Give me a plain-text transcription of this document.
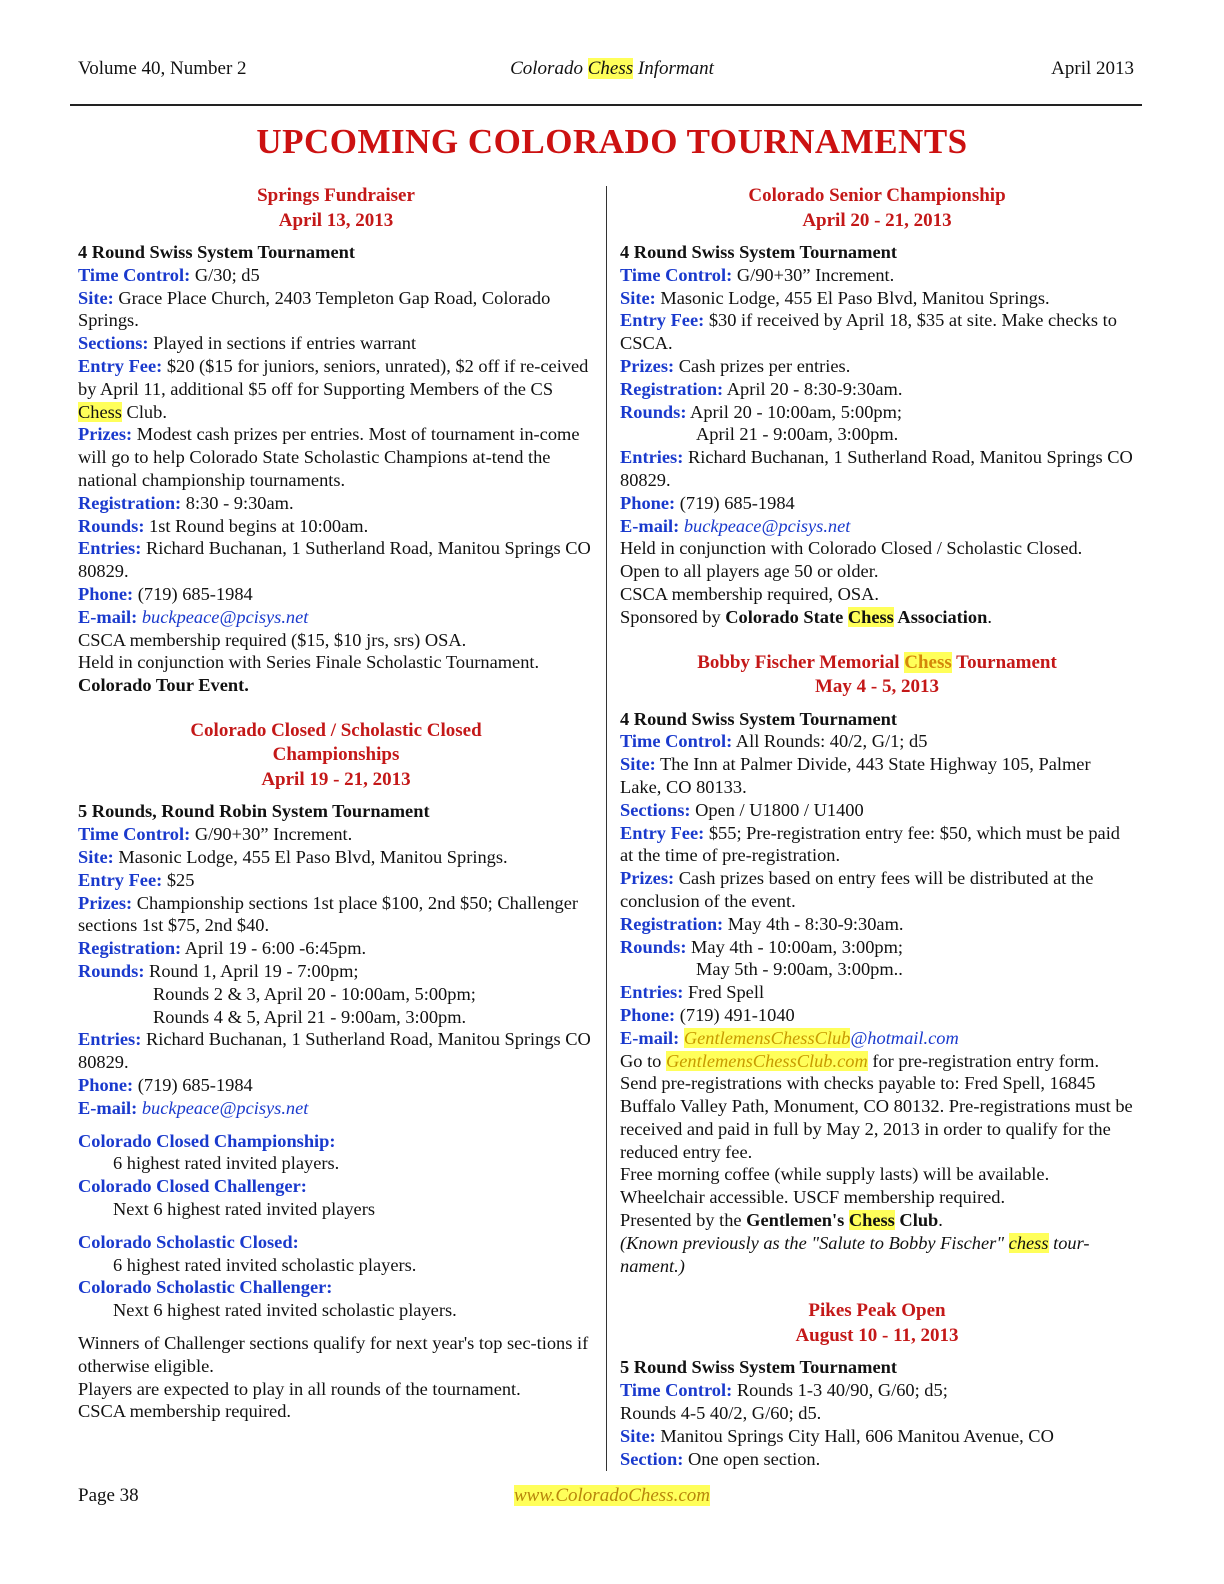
Volume 40, Number 2	Colorado Chess Informant	April 2013
UPCOMING COLORADO TOURNAMENTS
Springs Fundraiser
April 13, 2013
4 Round Swiss System Tournament
Time Control: G/30; d5
Site: Grace Place Church, 2403 Templeton Gap Road, Colorado Springs.
Sections: Played in sections if entries warrant
Entry Fee: $20 ($15 for juniors, seniors, unrated), $2 off if re-ceived by April 11, additional $5 off for Supporting Members of the CS Chess Club.
Prizes: Modest cash prizes per entries. Most of tournament in-come will go to help Colorado State Scholastic Champions at-tend the national championship tournaments.
Registration: 8:30 - 9:30am.
Rounds: 1st Round begins at 10:00am.
Entries: Richard Buchanan, 1 Sutherland Road, Manitou Springs CO 80829.
Phone: (719) 685-1984
E-mail: buckpeace@pcisys.net
CSCA membership required ($15, $10 jrs, srs) OSA.
Held in conjunction with Series Finale Scholastic Tournament.
Colorado Tour Event.
Colorado Closed / Scholastic Closed
Championships
April 19 - 21, 2013
5 Rounds, Round Robin System Tournament
Time Control: G/90+30” Increment.
Site: Masonic Lodge, 455 El Paso Blvd, Manitou Springs.
Entry Fee: $25
Prizes: Championship sections 1st place $100, 2nd $50; Challenger sections 1st $75, 2nd $40.
Registration: April 19 - 6:00 -6:45pm.
Rounds: Round 1, April 19 - 7:00pm;
Rounds 2 & 3, April 20 - 10:00am, 5:00pm;
Rounds 4 & 5, April 21 - 9:00am, 3:00pm.
Entries: Richard Buchanan, 1 Sutherland Road, Manitou Springs CO 80829.
Phone: (719) 685-1984
E-mail: buckpeace@pcisys.net
Colorado Closed Championship:
6 highest rated invited players.
Colorado Closed Challenger:
Next 6 highest rated invited players
Colorado Scholastic Closed:
6 highest rated invited scholastic players.
Colorado Scholastic Challenger:
Next 6 highest rated invited scholastic players.
Winners of Challenger sections qualify for next year's top sec-tions if otherwise eligible.
Players are expected to play in all rounds of the tournament.
CSCA membership required.
Colorado Senior Championship
April 20 - 21, 2013
4 Round Swiss System Tournament
Time Control: G/90+30” Increment.
Site: Masonic Lodge, 455 El Paso Blvd, Manitou Springs.
Entry Fee: $30 if received by April 18, $35 at site. Make checks to CSCA.
Prizes: Cash prizes per entries.
Registration: April 20 - 8:30-9:30am.
Rounds: April 20 - 10:00am, 5:00pm;
April 21 - 9:00am, 3:00pm.
Entries: Richard Buchanan, 1 Sutherland Road, Manitou Springs CO 80829.
Phone: (719) 685-1984
E-mail: buckpeace@pcisys.net
Held in conjunction with Colorado Closed / Scholastic Closed.
Open to all players age 50 or older.
CSCA membership required, OSA.
Sponsored by Colorado State Chess Association.
Bobby Fischer Memorial Chess Tournament
May 4 - 5, 2013
4 Round Swiss System Tournament
Time Control: All Rounds: 40/2, G/1; d5
Site: The Inn at Palmer Divide, 443 State Highway 105, Palmer Lake, CO 80133.
Sections: Open / U1800 / U1400
Entry Fee: $55; Pre-registration entry fee: $50, which must be paid at the time of pre-registration.
Prizes: Cash prizes based on entry fees will be distributed at the conclusion of the event.
Registration: May 4th - 8:30-9:30am.
Rounds: May 4th - 10:00am, 3:00pm;
May 5th - 9:00am, 3:00pm..
Entries: Fred Spell
Phone: (719) 491-1040
E-mail: GentlemensChessClub@hotmail.com
Go to GentlemensChessClub.com for pre-registration entry form. Send pre-registrations with checks payable to: Fred Spell, 16845 Buffalo Valley Path, Monument, CO 80132. Pre-registrations must be received and paid in full by May 2, 2013 in order to qualify for the reduced entry fee.
Free morning coffee (while supply lasts) will be available.
Wheelchair accessible. USCF membership required.
Presented by the Gentlemen's Chess Club.
(Known previously as the "Salute to Bobby Fischer" chess tour-nament.)
Pikes Peak Open
August 10 - 11, 2013
5 Round Swiss System Tournament
Time Control: Rounds 1-3 40/90, G/60; d5;
Rounds 4-5 40/2, G/60; d5.
Site: Manitou Springs City Hall, 606 Manitou Avenue, CO
Section: One open section.
Page 38	www.ColoradoChess.com
